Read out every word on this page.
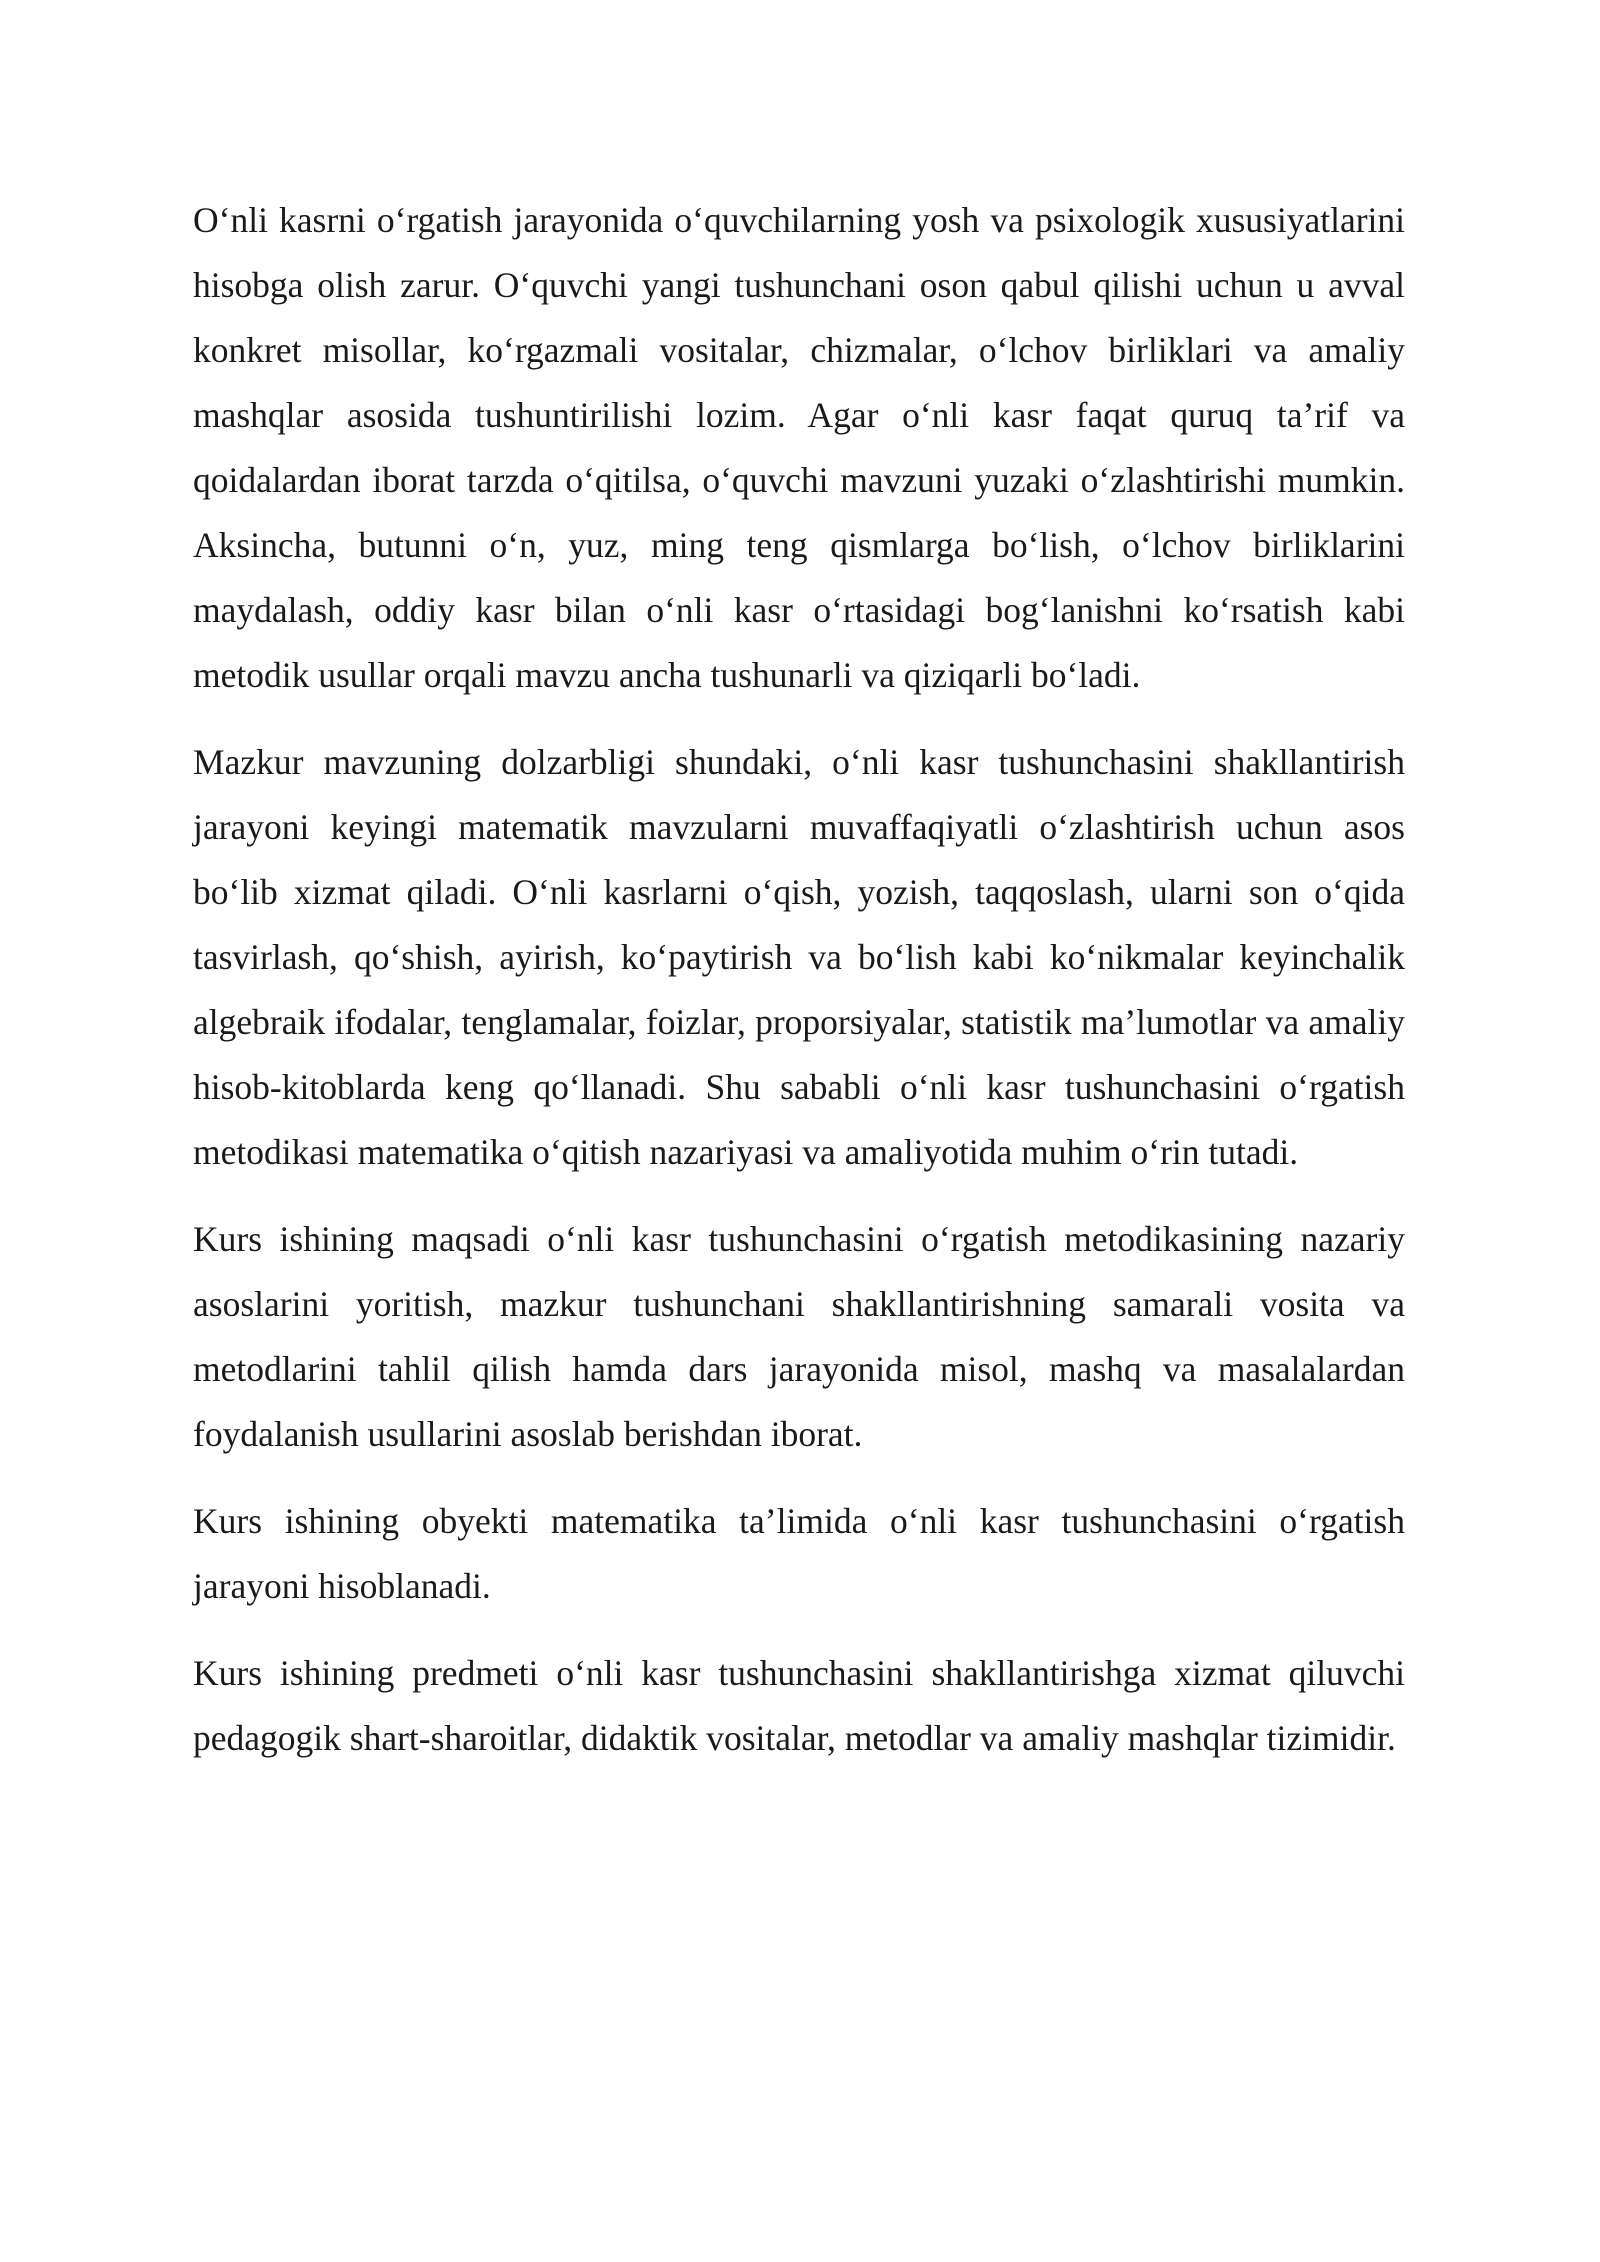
O‘nli kasrni o‘rgatish jarayonida o‘quvchilarning yosh va psixologik xususiyatlarini hisobga olish zarur. O‘quvchi yangi tushunchani oson qabul qilishi uchun u avval konkret misollar, ko‘rgazmali vositalar, chizmalar, o‘lchov birliklari va amaliy mashqlar asosida tushuntirilishi lozim. Agar o‘nli kasr faqat quruq ta’rif va qoidalardan iborat tarzda o‘qitilsa, o‘quvchi mavzuni yuzaki o‘zlashtirishi mumkin. Aksincha, butunni o‘n, yuz, ming teng qismlarga bo‘lish, o‘lchov birliklarini maydalash, oddiy kasr bilan o‘nli kasr o‘rtasidagi bog‘lanishni ko‘rsatish kabi metodik usullar orqali mavzu ancha tushunarli va qiziqarli bo‘ladi.

Mazkur mavzuning dolzarbligi shundaki, o‘nli kasr tushunchasini shakllantirish jarayoni keyingi matematik mavzularni muvaffaqiyatli o‘zlashtirish uchun asos bo‘lib xizmat qiladi. O‘nli kasrlarni o‘qish, yozish, taqqoslash, ularni son o‘qida tasvirlash, qo‘shish, ayirish, ko‘paytirish va bo‘lish kabi ko‘nikmalar keyinchalik algebraik ifodalar, tenglamalar, foizlar, proporsiyalar, statistik ma’lumotlar va amaliy hisob-kitoblarda keng qo‘llanadi. Shu sababli o‘nli kasr tushunchasini o‘rgatish metodikasi matematika o‘qitish nazariyasi va amaliyotida muhim o‘rin tutadi.

Kurs ishining maqsadi o‘nli kasr tushunchasini o‘rgatish metodikasining nazariy asoslarini yoritish, mazkur tushunchani shakllantirishning samarali vosita va metodlarini tahlil qilish hamda dars jarayonida misol, mashq va masalalardan foydalanish usullarini asoslab berishdan iborat.

Kurs ishining obyekti matematika ta’limida o‘nli kasr tushunchasini o‘rgatish jarayoni hisoblanadi.

Kurs ishining predmeti o‘nli kasr tushunchasini shakllantirishga xizmat qiluvchi pedagogik shart-sharoitlar, didaktik vositalar, metodlar va amaliy mashqlar tizimidir.
